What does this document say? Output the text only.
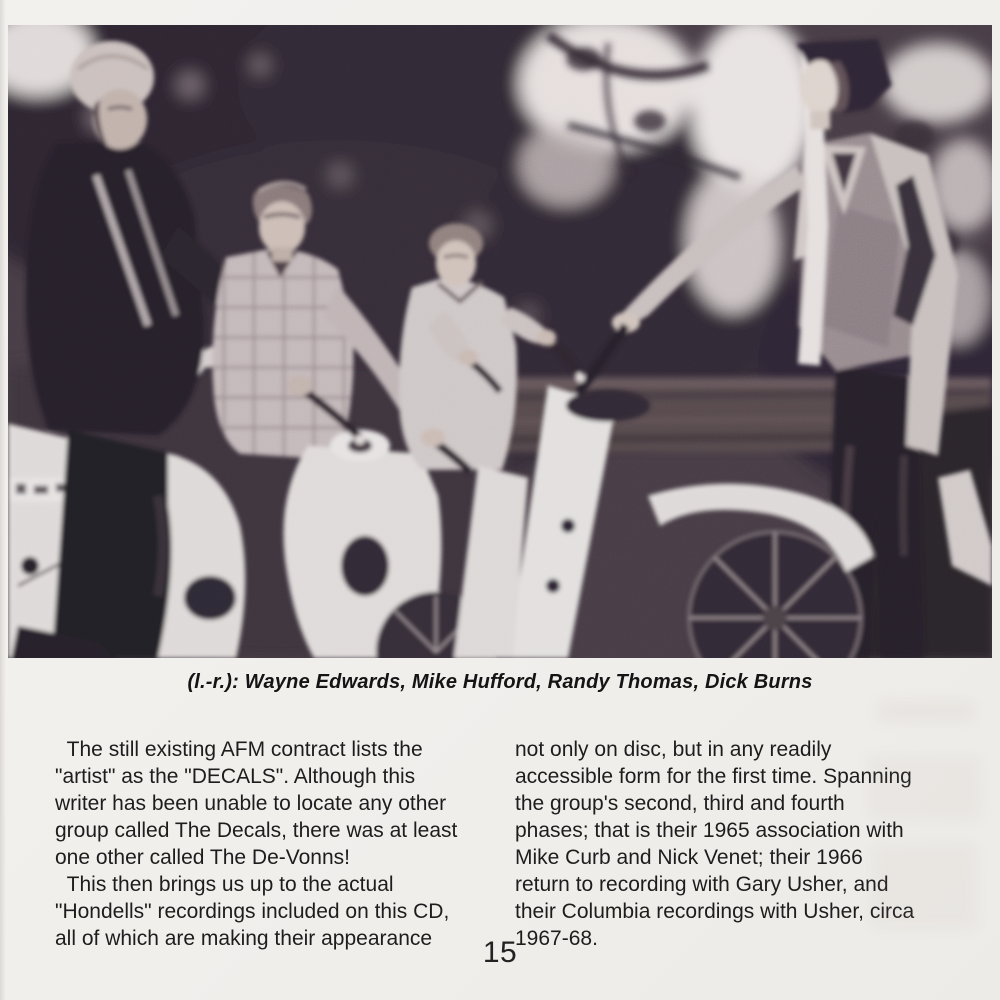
(l.-r.): Wayne Edwards, Mike Hufford, Randy Thomas, Dick Burns
The still existing AFM contract lists the
"artist" as the "DECALS". Although this
writer has been unable to locate any other
group called The Decals, there was at least
one other called The De-Vonns!
This then brings us up to the actual
"Hondells" recordings included on this CD,
all of which are making their appearance
not only on disc, but in any readily
accessible form for the first time. Spanning
the group's second, third and fourth
phases; that is their 1965 association with
Mike Curb and Nick Venet; their 1966
return to recording with Gary Usher, and
their Columbia recordings with Usher, circa
1967-68.
15
